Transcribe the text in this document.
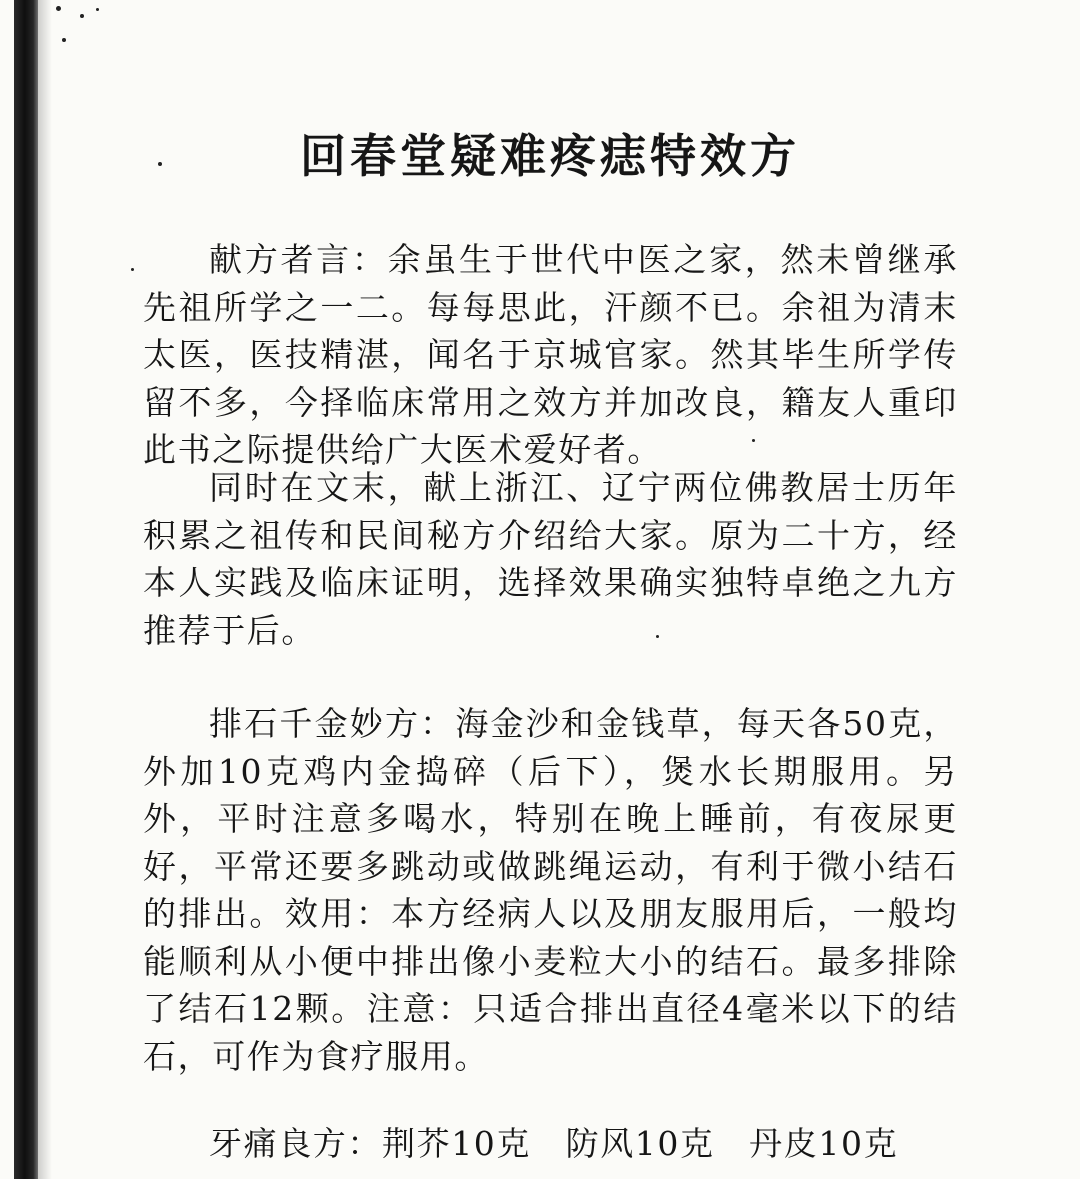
回春堂疑难疼痣特效方

献方者言：余虽生于世代中医之家，然未曾继承先祖所学之一二。每每思此，汗颜不已。余祖为清末太医，医技精湛，闻名于京城官家。然其毕生所学传留不多，今择临床常用之效方并加改良，籍友人重印此书之际提供给广大医术爱好者。

同时在文末，献上浙江、辽宁两位佛教居士历年积累之祖传和民间秘方介绍给大家。原为二十方，经本人实践及临床证明，选择效果确实独特卓绝之九方推荐于后。

排石千金妙方：海金沙和金钱草，每天各50克，外加10克鸡内金捣碎（后下），煲水长期服用。另外，平时注意多喝水，特别在晚上睡前，有夜尿更好，平常还要多跳动或做跳绳运动，有利于微小结石的排出。效用：本方经病人以及朋友服用后，一般均能顺利从小便中排出像小麦粒大小的结石。最多排除了结石12颗。注意：只适合排出直径4毫米以下的结石，可作为食疗服用。

牙痛良方：荆芥10克　防风10克　丹皮10克
